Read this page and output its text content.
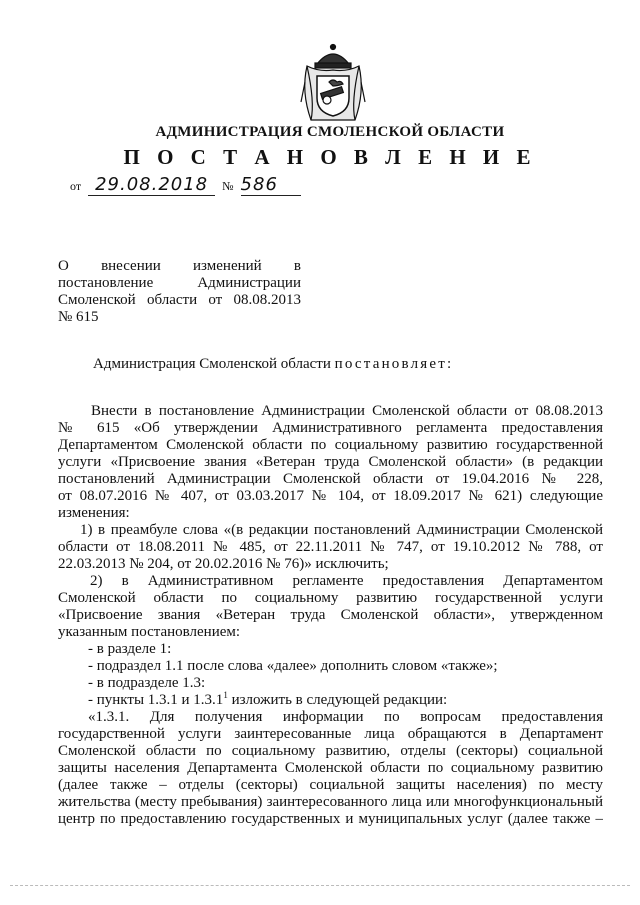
АДМИНИСТРАЦИЯ СМОЛЕНСКОЙ ОБЛАСТИ
П О С Т А Н О В Л Е Н И Е
от 29.08.2018 № 586
О внесении изменений в
постановление Администрации
Смоленской области от 08.08.2013
№ 615
Администрация Смоленской области постановляет:
Внести в постановление Администрации Смоленской области от 08.08.2013
№ 615 «Об утверждении Административного регламента предоставления
Департаментом Смоленской области по социальному развитию государственной
услуги «Присвоение звания «Ветеран труда Смоленской области» (в редакции
постановлений Администрации Смоленской области от 19.04.2016 № 228,
от 08.07.2016 № 407, от 03.03.2017 № 104, от 18.09.2017 № 621) следующие
изменения:
1) в преамбуле слова «(в редакции постановлений Администрации Смоленской
области от 18.08.2011 № 485, от 22.11.2011 № 747, от 19.10.2012 № 788, от
22.03.2013 № 204, от 20.02.2016 № 76)» исключить;
2) в Административном регламенте предоставления Департаментом
Смоленской области по социальному развитию государственной услуги
«Присвоение звания «Ветеран труда Смоленской области», утвержденном
указанным постановлением:
- в разделе 1:
- подраздел 1.1 после слова «далее» дополнить словом «также»;
- в подразделе 1.3:
- пункты 1.3.1 и 1.3.1$^1$ изложить в следующей редакции:
«1.3.1. Для получения информации по вопросам предоставления
государственной услуги заинтересованные лица обращаются в Департамент
Смоленской области по социальному развитию, отделы (секторы) социальной
защиты населения Департамента Смоленской области по социальному развитию
(далее также – отделы (секторы) социальной защиты населения) по месту
жительства (месту пребывания) заинтересованного лица или многофункциональный
центр по предоставлению государственных и муниципальных услуг (далее также –
